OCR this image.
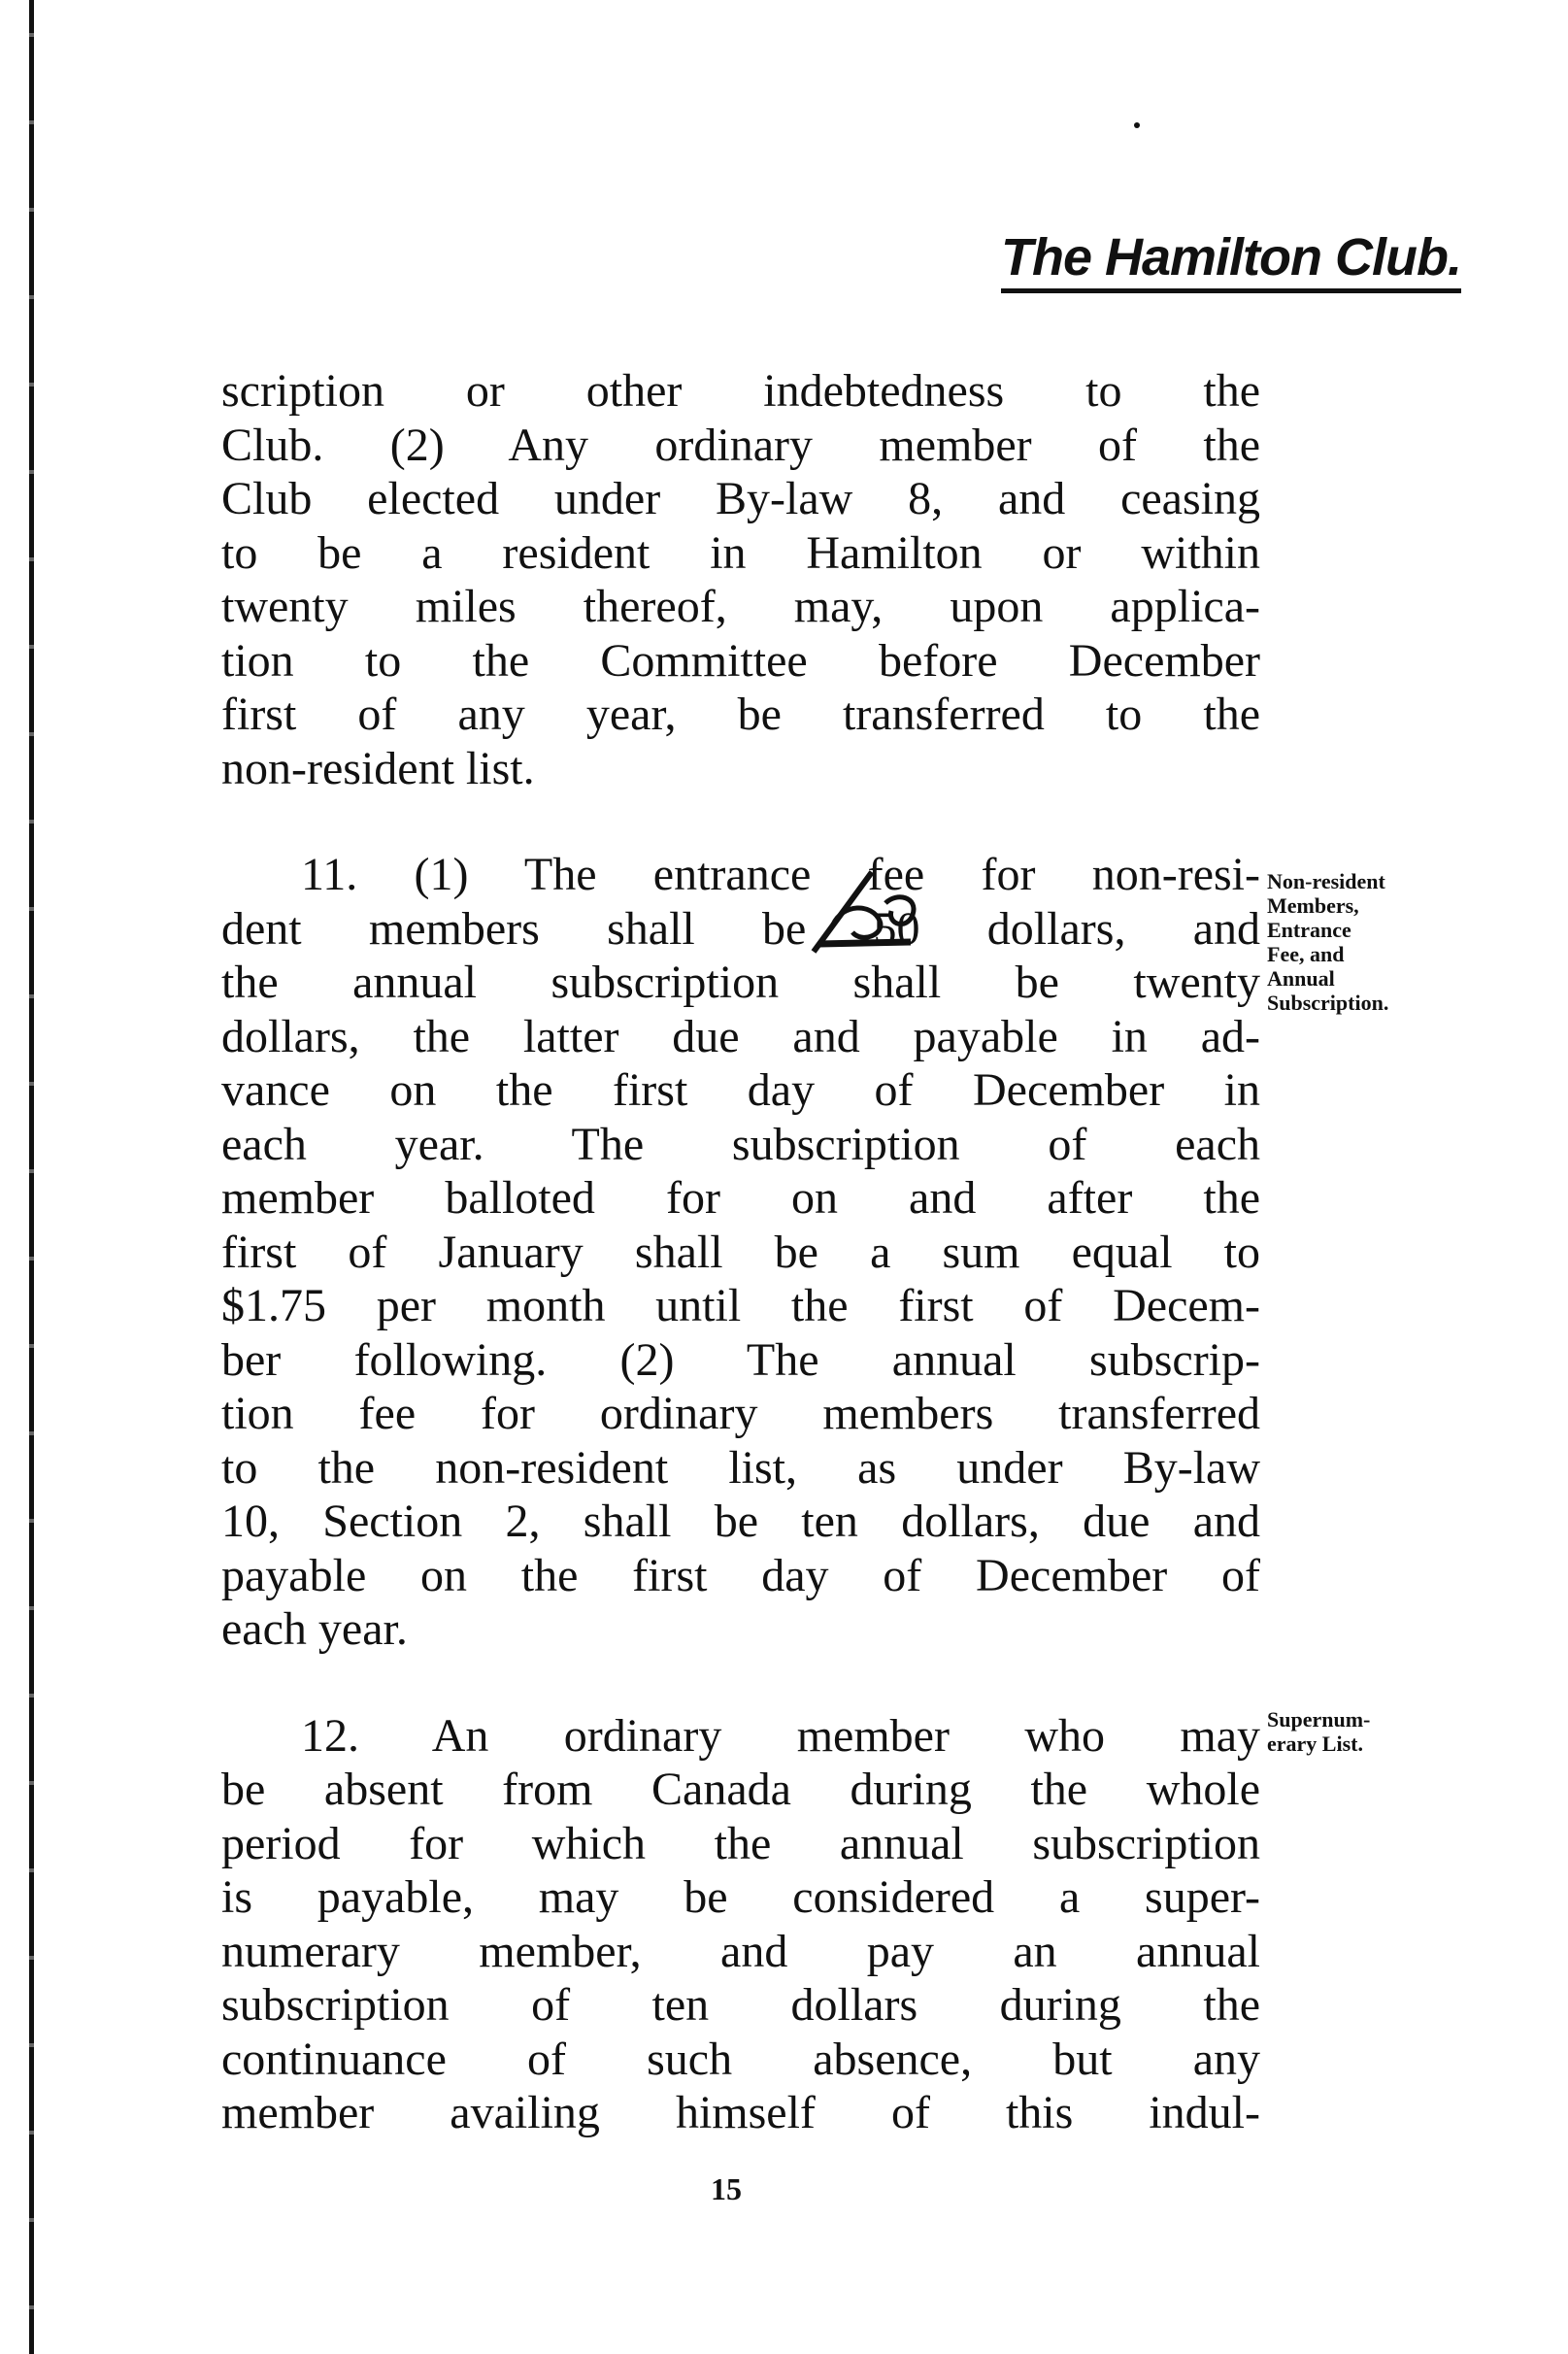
The Hamilton Club.
scription or other indebtedness to the
Club. (2) Any ordinary member of the
Club elected under By-law 8, and ceasing
to be a resident in Hamilton or within
twenty miles thereof, may, upon applica-
tion to the Committee before December
first of any year, be transferred to the
non-resident list.
11. (1) The entrance fee for non-resi-
dent members shall be 50 dollars, and
the annual subscription shall be twenty
dollars, the latter due and payable in ad-
vance on the first day of December in
each year. The subscription of each
member balloted for on and after the
first of January shall be a sum equal to
$1.75 per month until the first of Decem-
ber following. (2) The annual subscrip-
tion fee for ordinary members transferred
to the non-resident list, as under By-law
10, Section 2, shall be ten dollars, due and
payable on the first day of December of
each year.
12. An ordinary member who may
be absent from Canada during the whole
period for which the annual subscription
is payable, may be considered a super-
numerary member, and pay an annual
subscription of ten dollars during the
continuance of such absence, but any
member availing himself of this indul-
Non-resident
Members,
Entrance
Fee, and
Annual
Subscription.
Supernum-
erary List.
15
